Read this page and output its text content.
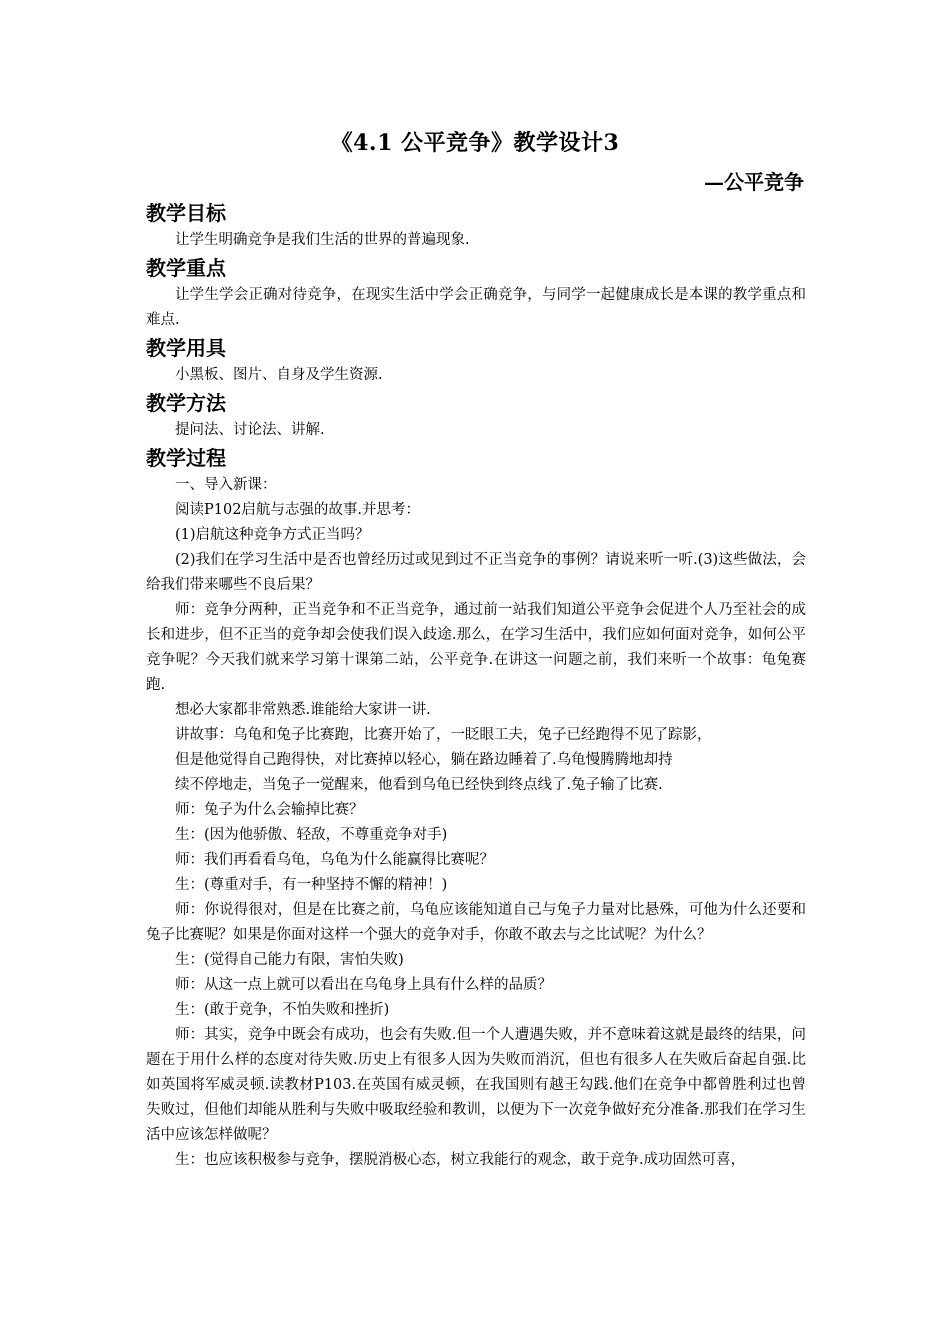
《4.1 公平竞争》教学设计3
—公平竞争
教学目标

让学生明确竞争是我们生活的世界的普遍现象.

教学重点

让学生学会正确对待竞争，在现实生活中学会正确竞争，与同学一起健康成长是本课的教学重点和难点.

教学用具

小黑板、图片、自身及学生资源.

教学方法

提问法、讨论法、讲解.

教学过程

一、导入新课：

阅读P102启航与志强的故事.并思考：

(1)启航这种竞争方式正当吗？

(2)我们在学习生活中是否也曾经历过或见到过不正当竞争的事例？请说来听一听.(3)这些做法，会给我们带来哪些不良后果？

师：竞争分两种，正当竞争和不正当竞争，通过前一站我们知道公平竞争会促进个人乃至社会的成长和进步，但不正当的竞争却会使我们误入歧途.那么，在学习生活中，我们应如何面对竞争，如何公平竞争呢？今天我们就来学习第十课第二站，公平竞争.在讲这一问题之前，我们来听一个故事：龟兔赛跑.

想必大家都非常熟悉.谁能给大家讲一讲.

讲故事：乌龟和兔子比赛跑，比赛开始了，一眨眼工夫，兔子已经跑得不见了踪影，

但是他觉得自己跑得快，对比赛掉以轻心，躺在路边睡着了.乌龟慢腾腾地却持

续不停地走，当兔子一觉醒来，他看到乌龟已经快到终点线了.兔子输了比赛.

师：兔子为什么会输掉比赛？

生：(因为他骄傲、轻敌，不尊重竞争对手)

师：我们再看看乌龟，乌龟为什么能赢得比赛呢？

生：(尊重对手，有一种坚持不懈的精神！)

师：你说得很对，但是在比赛之前，乌龟应该能知道自己与兔子力量对比悬殊，可他为什么还要和兔子比赛呢？如果是你面对这样一个强大的竞争对手，你敢不敢去与之比试呢？为什么？

生：(觉得自己能力有限，害怕失败)

师：从这一点上就可以看出在乌龟身上具有什么样的品质？

生：(敢于竞争，不怕失败和挫折)

师：其实，竞争中既会有成功，也会有失败.但一个人遭遇失败，并不意味着这就是最终的结果，问题在于用什么样的态度对待失败.历史上有很多人因为失败而消沉，但也有很多人在失败后奋起自强.比如英国将军威灵顿.读教材P103.在英国有威灵顿，在我国则有越王勾践.他们在竞争中都曾胜利过也曾失败过，但他们却能从胜利与失败中吸取经验和教训，以便为下一次竞争做好充分准备.那我们在学习生活中应该怎样做呢？

生：也应该积极参与竞争，摆脱消极心态，树立我能行的观念，敢于竞争.成功固然可喜，
